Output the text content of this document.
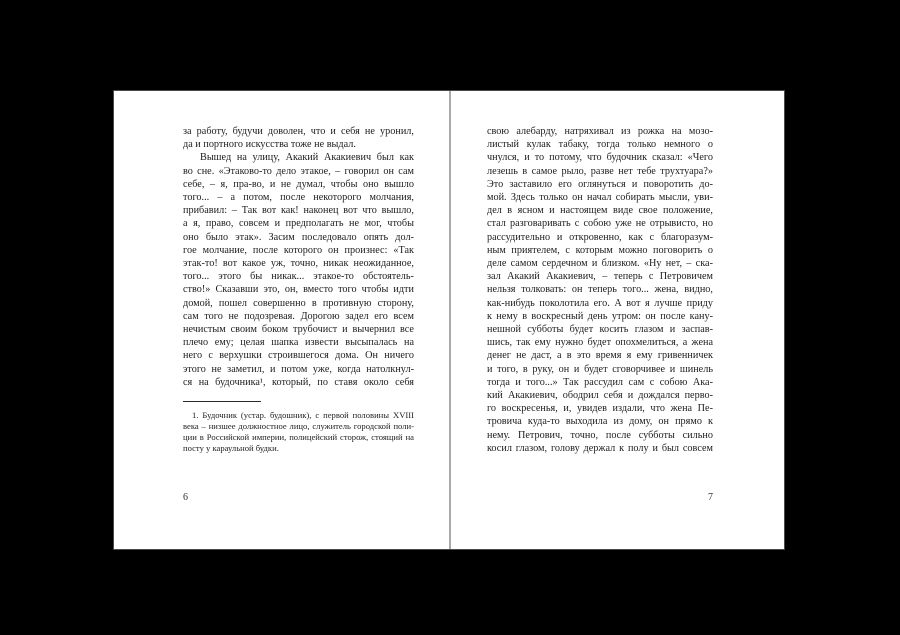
за работу, будучи доволен, что и себя не уронил,
да и портного искусства тоже не выдал.
Вышед на улицу, Акакий Акакиевич был как
во сне. «Этаково-то дело этакое, – говорил он сам
себе, – я, пра-во, и не думал, чтобы оно вышло
того... – а потом, после некоторого молчания,
прибавил: – Так вот как! наконец вот что вышло,
а я, право, совсем и предполагать не мог, чтобы
оно было этак». Засим последовало опять дол-
гое молчание, после которого он произнес: «Так
этак-то! вот какое уж, точно, никак неожиданное,
того... этого бы никак... этакое-то обстоятель-
ство!» Сказавши это, он, вместо того чтобы идти
домой, пошел совершенно в противную сторону,
сам того не подозревая. Дорогою задел его всем
нечистым своим боком трубочист и вычернил все
плечо ему; целая шапка извести высыпалась на
него с верхушки строившегося дома. Он ничего
этого не заметил, и потом уже, когда натолкнул-
ся на будочника¹, который, по ставя около себя
1. Будочник (устар. будошник), с первой половины XVIII
века – низшее должностное лицо, служитель городской поли-
ции в Российской империи, полицейский сторож, стоящий на
посту у караульной будки.
6
свою алебарду, натряхивал из рожка на мозо-
листый кулак табаку, тогда только немного о
чнулся, и то потому, что будочник сказал: «Чего
лезешь в самое рыло, разве нет тебе трухтуара?»
Это заставило его оглянуться и поворотить до-
мой. Здесь только он начал собирать мысли, уви-
дел в ясном и настоящем виде свое положение,
стал разговаривать с собою уже не отрывисто, но
рассудительно и откровенно, как с благоразум-
ным приятелем, с которым можно поговорить о
деле самом сердечном и близком. «Ну нет, – ска-
зал Акакий Акакиевич, – теперь с Петровичем
нельзя толковать: он теперь того... жена, видно,
как-нибудь поколотила его. А вот я лучше приду
к нему в воскресный день утром: он после кану-
нешной субботы будет косить глазом и заспав-
шись, так ему нужно будет опохмелиться, а жена
денег не даст, а в это время я ему гривенничек
и того, в руку, он и будет сговорчивее и шинель
тогда и того...» Так рассудил сам с собою Ака-
кий Акакиевич, ободрил себя и дождался перво-
го воскресенья, и, увидев издали, что жена Пе-
тровича куда-то выходила из дому, он прямо к
нему. Петрович, точно, после субботы сильно
косил глазом, голову держал к полу и был совсем
7
